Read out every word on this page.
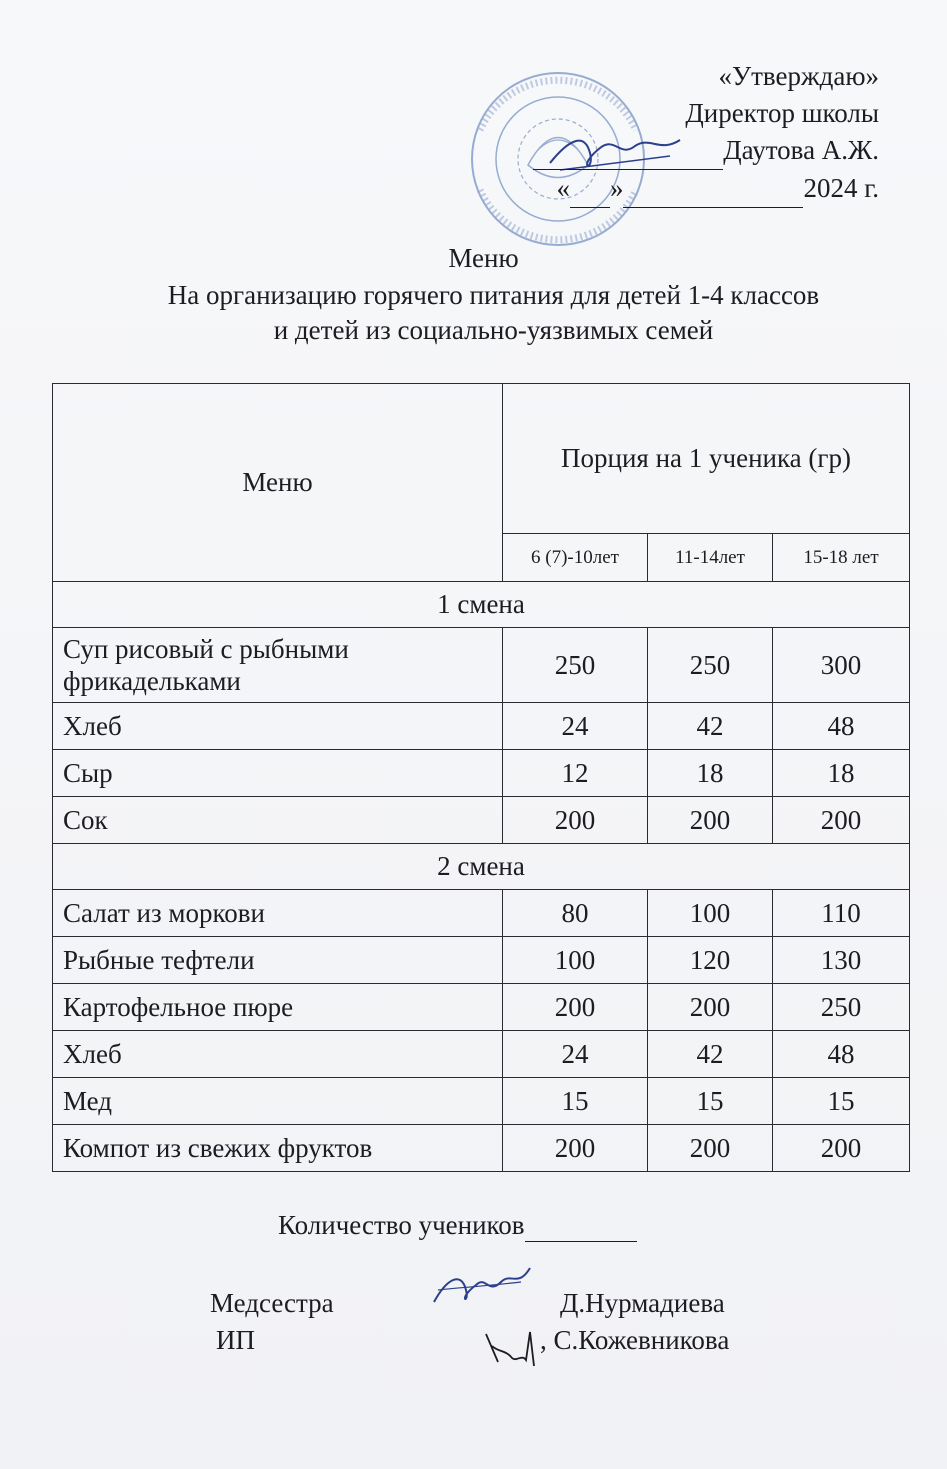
«Утверждаю»
Директор школы
Даутова А.Ж.
« »	2024 г.
Меню
На организацию горячего питания для детей 1-4 классов
и детей из социально-уязвимых семей
Меню	Порция на 1 ученика (гр)		
	6 (7)-10лет	11-14лет	15-18 лет
1 смена			
Суп рисовый с рыбными фрикадельками	250	250	300
Хлеб	24	42	48
Сыр	12	18	18
Сок	200	200	200
2 смена			
Салат из моркови	80	100	110
Рыбные тефтели	100	120	130
Картофельное пюре	200	200	250
Хлеб	24	42	48
Мед	15	15	15
Компот из свежих фруктов	200	200	200
Количество учеников
Медсестра	Д.Нурмадиева
ИП	, С.Кожевникова
